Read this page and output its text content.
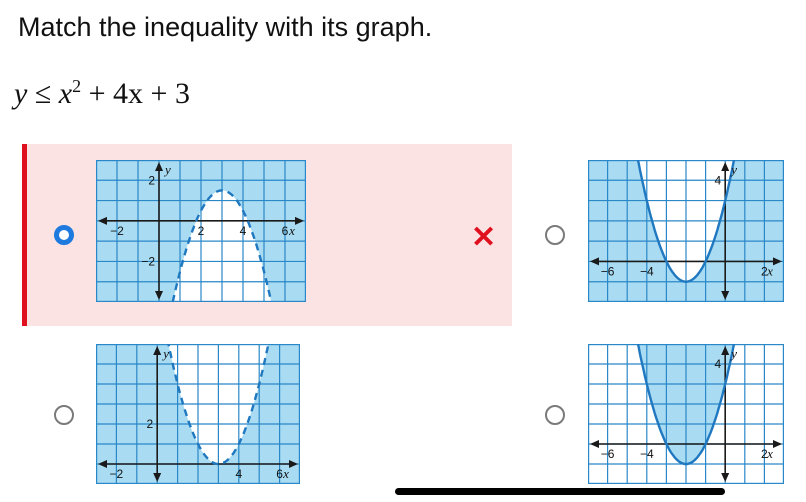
Match the inequality with its graph.
$y \le x^2 + 4x + 3$
✕
−2	2	4	6
2
−2
x
y
−6 −4	2
4
x
y
−2	4	6
2
x
y
−6 −4	2
4
x
y
